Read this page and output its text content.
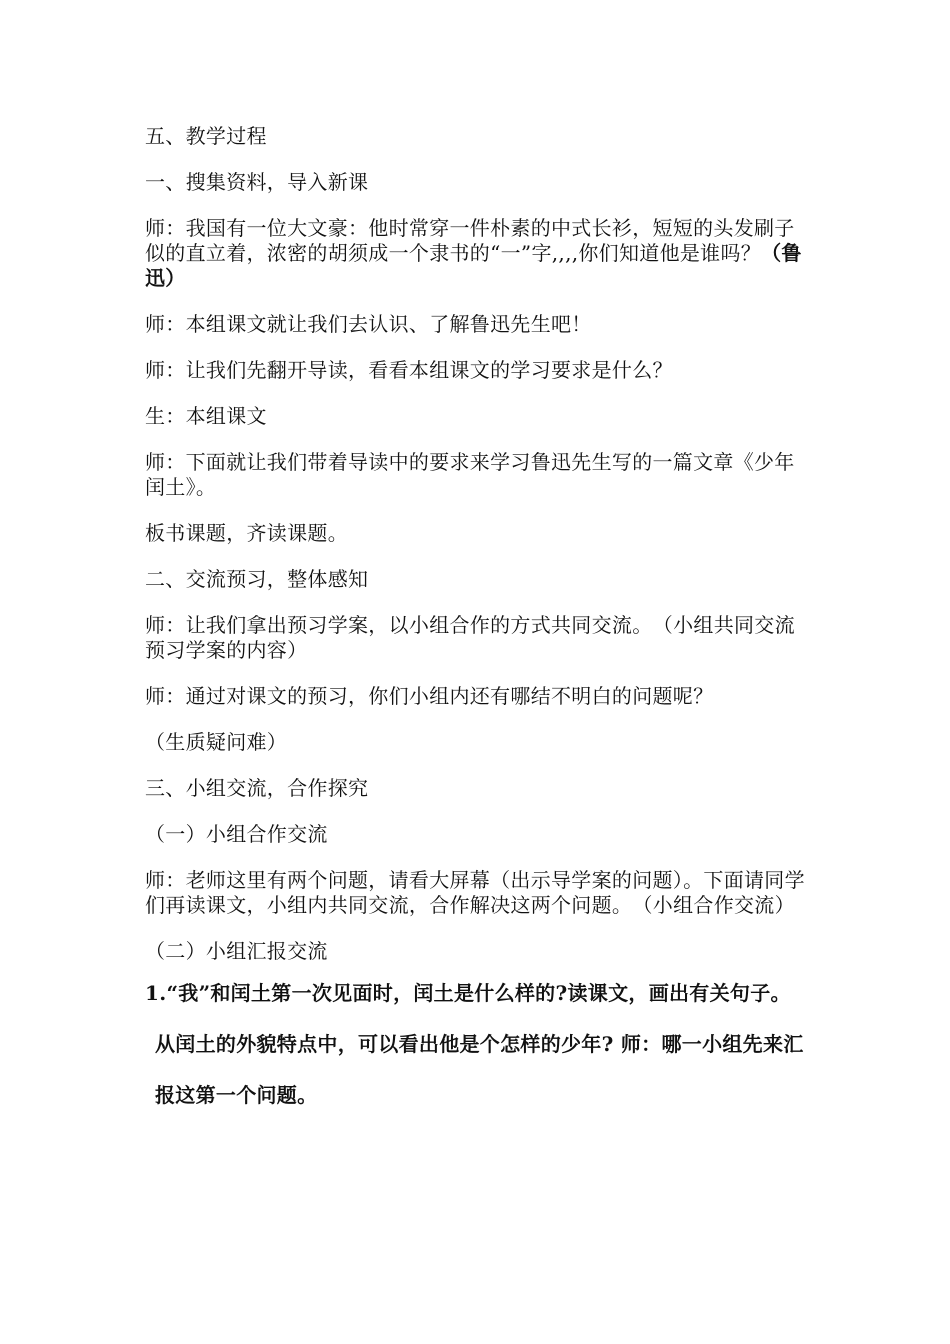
五、教学过程

一、搜集资料，导入新课

师：我国有一位大文豪：他时常穿一件朴素的中式长衫，短短的头发刷子似的直立着，浓密的胡须成一个隶书的“一”字,,,,你们知道他是谁吗？（鲁迅）

师：本组课文就让我们去认识、了解鲁迅先生吧！

师：让我们先翻开导读，看看本组课文的学习要求是什么？

生：本组课文

师：下面就让我们带着导读中的要求来学习鲁迅先生写的一篇文章《少年闰土》。

板书课题，齐读课题。

二、交流预习，整体感知

师：让我们拿出预习学案，以小组合作的方式共同交流。　（小组共同交流预习学案的内容）

师：通过对课文的预习，你们小组内还有哪结不明白的问题呢？

（生质疑问难）

三、小组交流，合作探究

（一）小组合作交流

师：老师这里有两个问题，请看大屏幕（出示导学案的问题）。下面请同学们再读课文，小组内共同交流，合作解决这两个问题。　（小组合作交流）

（二）小组汇报交流

1.“我”和闰土第一次见面时，闰土是什么样的?读课文，画出有关句子。

从闰土的外貌特点中，可以看出他是个怎样的少年? 师：哪一小组先来汇报这第一个问题。
